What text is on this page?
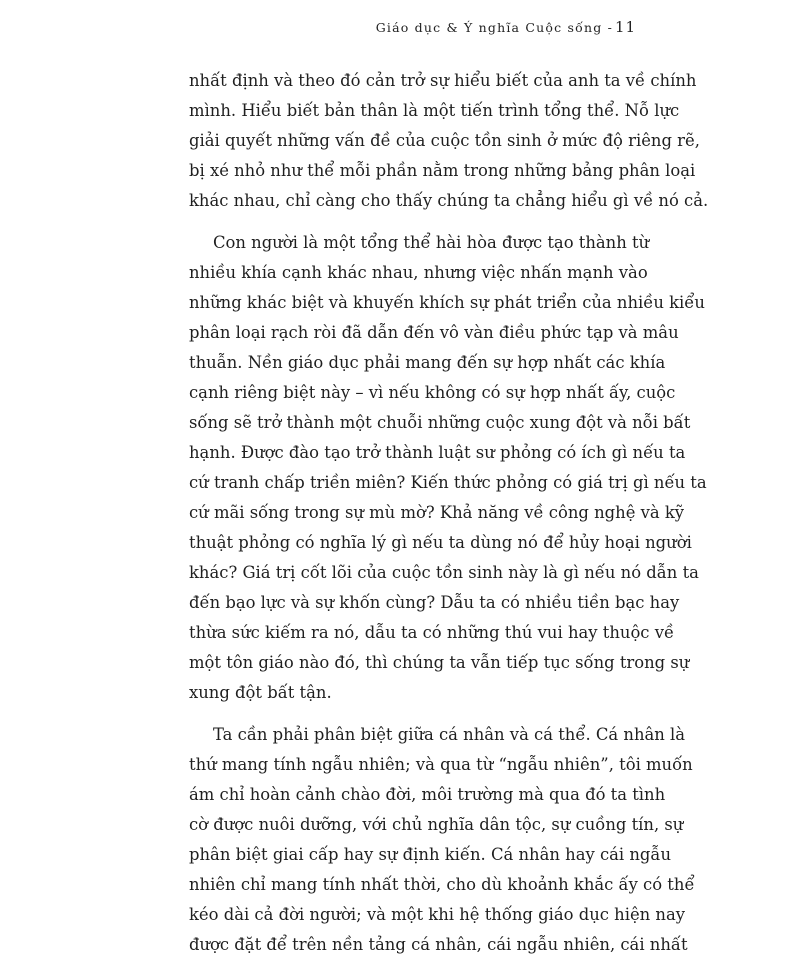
Giáo dục & Ý nghĩa Cuộc sống - 11
nhất định và theo đó cản trở sự hiểu biết của anh ta về chính
mình. Hiểu biết bản thân là một tiến trình tổng thể. Nỗ lực
giải quyết những vấn đề của cuộc tồn sinh ở mức độ riêng rẽ,
bị xé nhỏ như thể mỗi phần nằm trong những bảng phân loại
khác nhau, chỉ càng cho thấy chúng ta chẳng hiểu gì về nó cả.
Con người là một tổng thể hài hòa được tạo thành từ
nhiều khía cạnh khác nhau, nhưng việc nhấn mạnh vào
những khác biệt và khuyến khích sự phát triển của nhiều kiểu
phân loại rạch ròi đã dẫn đến vô vàn điều phức tạp và mâu
thuẫn. Nền giáo dục phải mang đến sự hợp nhất các khía
cạnh riêng biệt này – vì nếu không có sự hợp nhất ấy, cuộc
sống sẽ trở thành một chuỗi những cuộc xung đột và nỗi bất
hạnh. Được đào tạo trở thành luật sư phỏng có ích gì nếu ta
cứ tranh chấp triền miên? Kiến thức phỏng có giá trị gì nếu ta
cứ mãi sống trong sự mù mờ? Khả năng về công nghệ và kỹ
thuật phỏng có nghĩa lý gì nếu ta dùng nó để hủy hoại người
khác? Giá trị cốt lõi của cuộc tồn sinh này là gì nếu nó dẫn ta
đến bạo lực và sự khốn cùng? Dẫu ta có nhiều tiền bạc hay
thừa sức kiếm ra nó, dẫu ta có những thú vui hay thuộc về
một tôn giáo nào đó, thì chúng ta vẫn tiếp tục sống trong sự
xung đột bất tận.
Ta cần phải phân biệt giữa cá nhân và cá thể. Cá nhân là
thứ mang tính ngẫu nhiên; và qua từ “ngẫu nhiên”, tôi muốn
ám chỉ hoàn cảnh chào đời, môi trường mà qua đó ta tình
cờ được nuôi dưỡng, với chủ nghĩa dân tộc, sự cuồng tín, sự
phân biệt giai cấp hay sự định kiến. Cá nhân hay cái ngẫu
nhiên chỉ mang tính nhất thời, cho dù khoảnh khắc ấy có thể
kéo dài cả đời người; và một khi hệ thống giáo dục hiện nay
được đặt để trên nền tảng cá nhân, cái ngẫu nhiên, cái nhất
